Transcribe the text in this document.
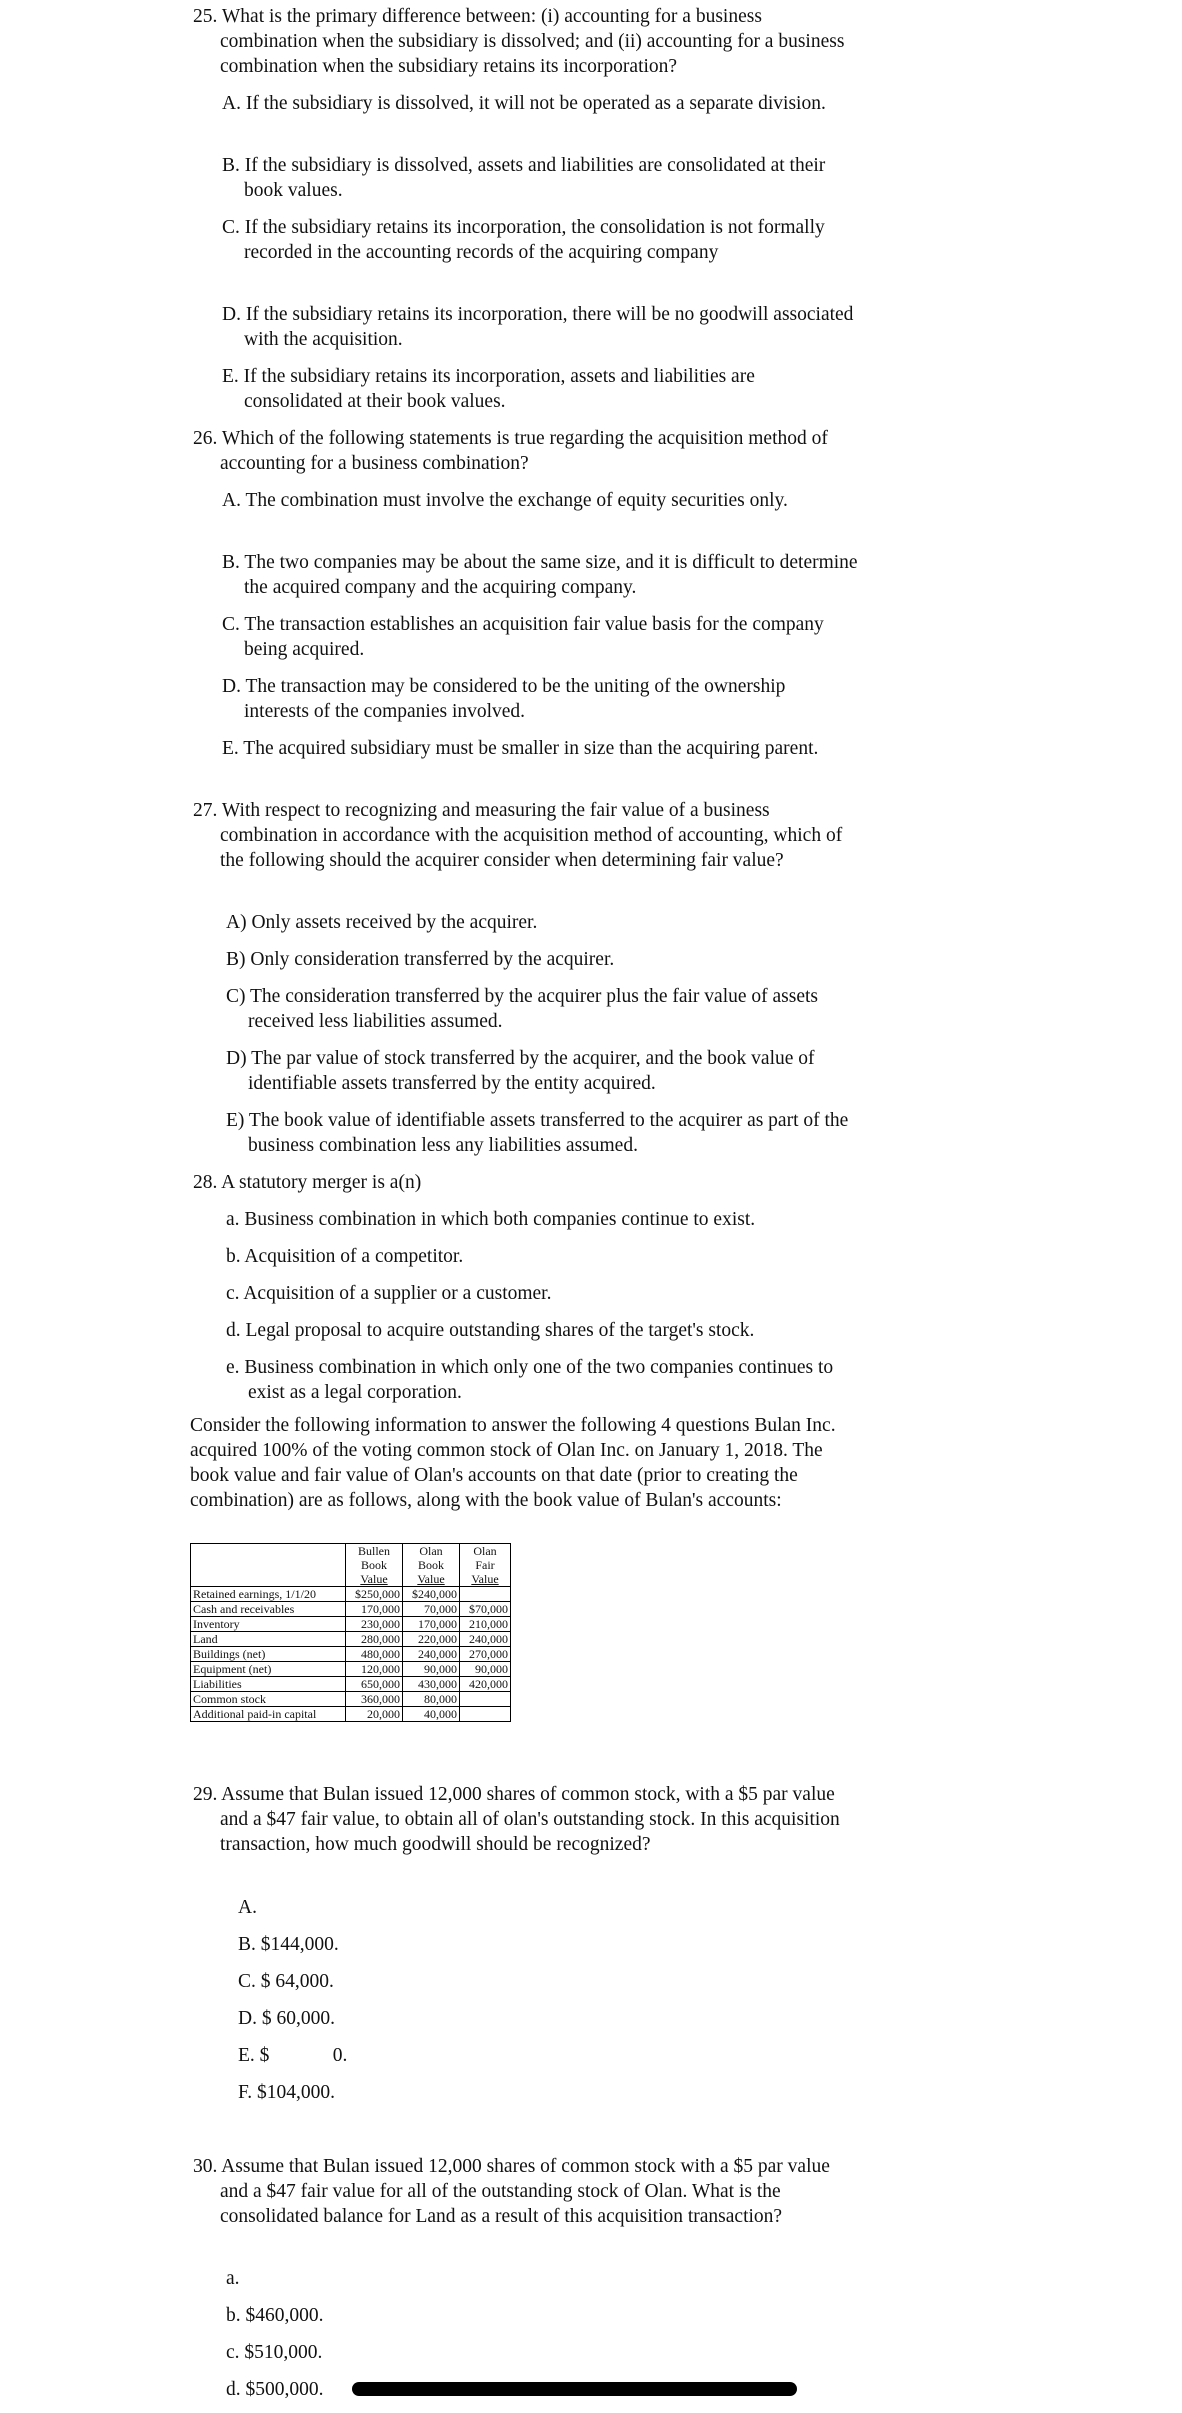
25. What is the primary difference between: (i) accounting for a business combination when the subsidiary is dissolved; and (ii) accounting for a business combination when the subsidiary retains its incorporation?
A. If the subsidiary is dissolved, it will not be operated as a separate division.
B. If the subsidiary is dissolved, assets and liabilities are consolidated at their book values.
C. If the subsidiary retains its incorporation, the consolidation is not formally recorded in the accounting records of the acquiring company
D. If the subsidiary retains its incorporation, there will be no goodwill associated with the acquisition.
E. If the subsidiary retains its incorporation, assets and liabilities are consolidated at their book values.
26. Which of the following statements is true regarding the acquisition method of accounting for a business combination?
A. The combination must involve the exchange of equity securities only.
B. The two companies may be about the same size, and it is difficult to determine the acquired company and the acquiring company.
C. The transaction establishes an acquisition fair value basis for the company being acquired.
D. The transaction may be considered to be the uniting of the ownership interests of the companies involved.
E. The acquired subsidiary must be smaller in size than the acquiring parent.
27. With respect to recognizing and measuring the fair value of a business combination in accordance with the acquisition method of accounting, which of the following should the acquirer consider when determining fair value?
A) Only assets received by the acquirer.
B) Only consideration transferred by the acquirer.
C) The consideration transferred by the acquirer plus the fair value of assets received less liabilities assumed.
D) The par value of stock transferred by the acquirer, and the book value of identifiable assets transferred by the entity acquired.
E) The book value of identifiable assets transferred to the acquirer as part of the business combination less any liabilities assumed.
28. A statutory merger is a(n)
a. Business combination in which both companies continue to exist.
b. Acquisition of a competitor.
c. Acquisition of a supplier or a customer.
d. Legal proposal to acquire outstanding shares of the target's stock.
e. Business combination in which only one of the two companies continues to exist as a legal corporation.
Consider the following information to answer the following 4 questions Bulan Inc. acquired 100% of the voting common stock of Olan Inc. on January 1, 2018. The book value and fair value of Olan's accounts on that date (prior to creating the combination) are as follows, along with the book value of Bulan's accounts:
	Bullen	Olan	Olan
	Book	Book	Fair
	Value	Value	Value
Retained earnings, 1/1/20	$250,000	$240,000	
Cash and receivables	170,000	70,000	$70,000
Inventory	230,000	170,000	210,000
Land	280,000	220,000	240,000
Buildings (net)	480,000	240,000	270,000
Equipment (net)	120,000	90,000	90,000
Liabilities	650,000	430,000	420,000
Common stock	360,000	80,000	
Additional paid-in capital	20,000	40,000	
29. Assume that Bulan issued 12,000 shares of common stock, with a $5 par value and a $47 fair value, to obtain all of olan's outstanding stock. In this acquisition transaction, how much goodwill should be recognized?
A.
B. $144,000.
C. $ 64,000.
D. $ 60,000.
E. $             0.
F. $104,000.
30. Assume that Bulan issued 12,000 shares of common stock with a $5 par value and a $47 fair value for all of the outstanding stock of Olan. What is the consolidated balance for Land as a result of this acquisition transaction?
a.
b. $460,000.
c. $510,000.
d. $500,000.
